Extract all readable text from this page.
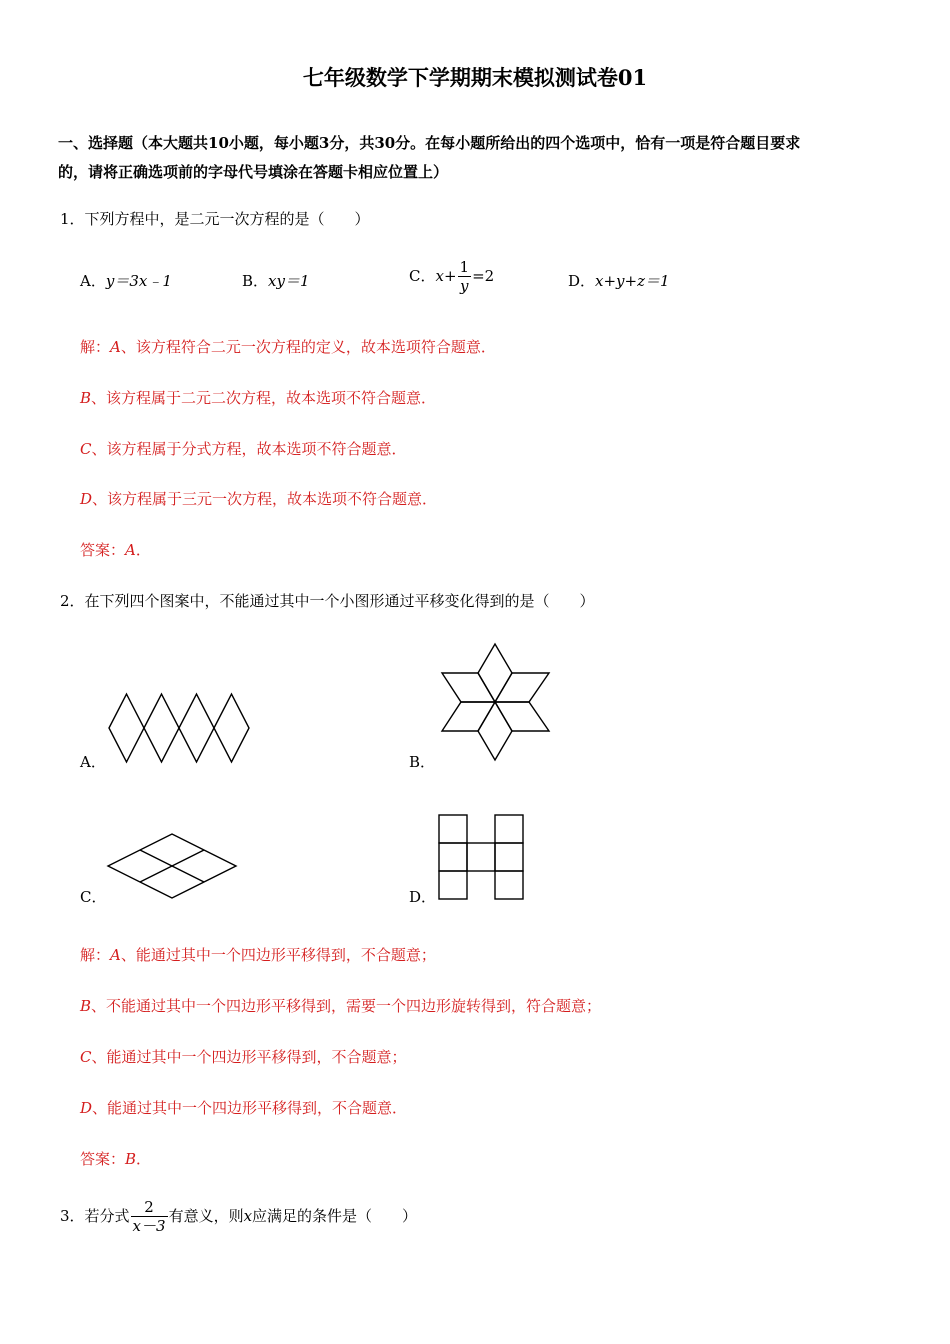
七年级数学下学期期末模拟测试卷01
一、选择题（本大题共10小题，每小题3分，共30分。在每小题所给出的四个选项中，恰有一项是符合题目要求
的，请将正确选项前的字母代号填涂在答题卡相应位置上）
1．下列方程中，是二元一次方程的是（　　）
A．y＝3x﹣1	B．xy＝1	C．$x+ \frac{1}{y} =2$	D．x+y+z＝1
解：A、该方程符合二元一次方程的定义，故本选项符合题意．
B、该方程属于二元二次方程，故本选项不符合题意．
C、该方程属于分式方程，故本选项不符合题意．
D、该方程属于三元一次方程，故本选项不符合题意．
答案：A．
2．在下列四个图案中，不能通过其中一个小图形通过平移变化得到的是（　　）
A．	B．
C．	D．
解：A、能通过其中一个四边形平移得到，不合题意；
B、不能通过其中一个四边形平移得到，需要一个四边形旋转得到，符合题意；
C、能通过其中一个四边形平移得到，不合题意；
D、能通过其中一个四边形平移得到，不合题意．
答案：B．
3．若分式 $\frac{2}{x-3}$ 有意义，则x应满足的条件是（　　）
